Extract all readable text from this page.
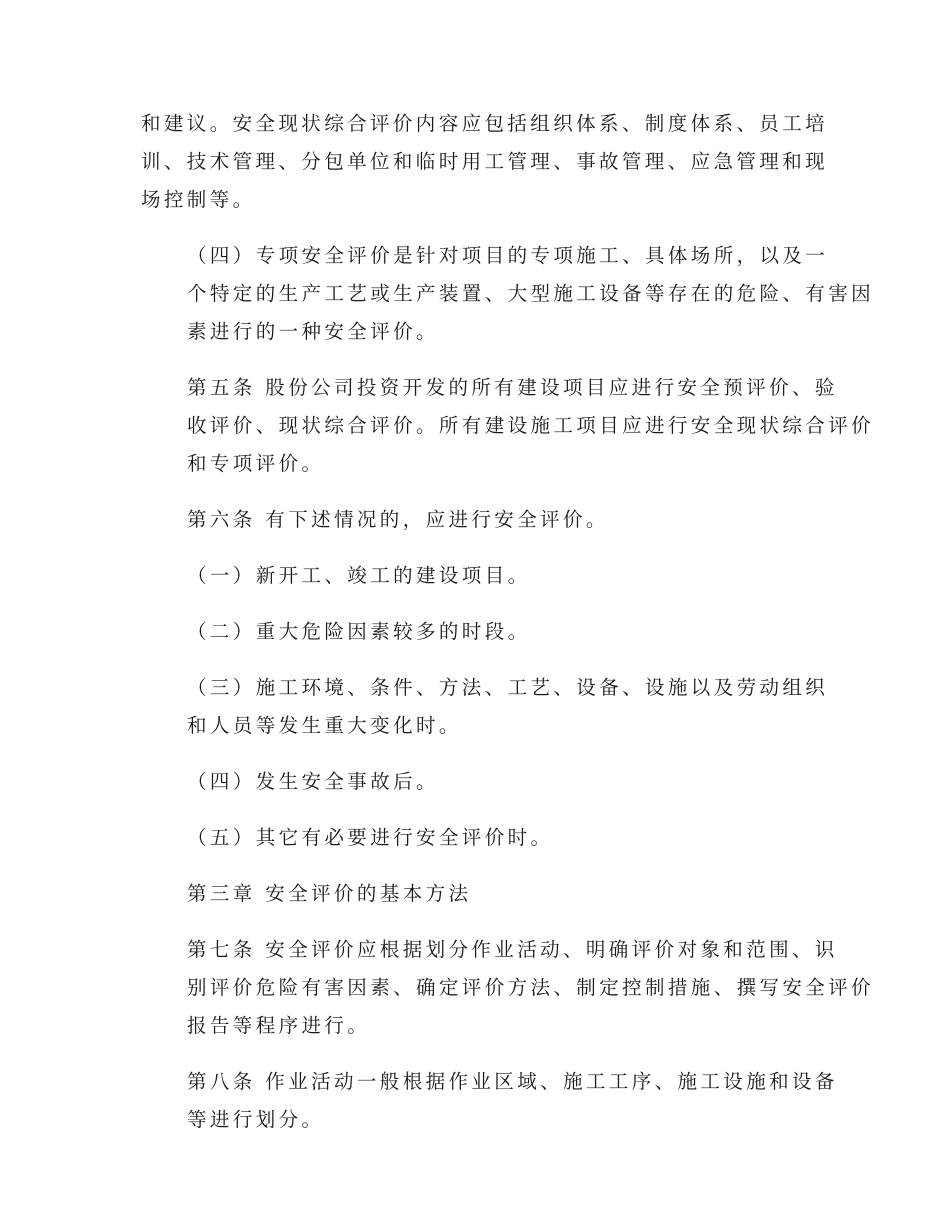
和建议。安全现状综合评价内容应包括组织体系、制度体系、员工培
训、技术管理、分包单位和临时用工管理、事故管理、应急管理和现
场控制等。

（四）专项安全评价是针对项目的专项施工、具体场所，以及一
个特定的生产工艺或生产装置、大型施工设备等存在的危险、有害因
素进行的一种安全评价。

第五条 股份公司投资开发的所有建设项目应进行安全预评价、验
收评价、现状综合评价。所有建设施工项目应进行安全现状综合评价
和专项评价。

第六条 有下述情况的，应进行安全评价。

（一）新开工、竣工的建设项目。

（二）重大危险因素较多的时段。

（三）施工环境、条件、方法、工艺、设备、设施以及劳动组织
和人员等发生重大变化时。

（四）发生安全事故后。

（五）其它有必要进行安全评价时。

第三章 安全评价的基本方法

第七条 安全评价应根据划分作业活动、明确评价对象和范围、识
别评价危险有害因素、确定评价方法、制定控制措施、撰写安全评价
报告等程序进行。

第八条 作业活动一般根据作业区域、施工工序、施工设施和设备
等进行划分。
